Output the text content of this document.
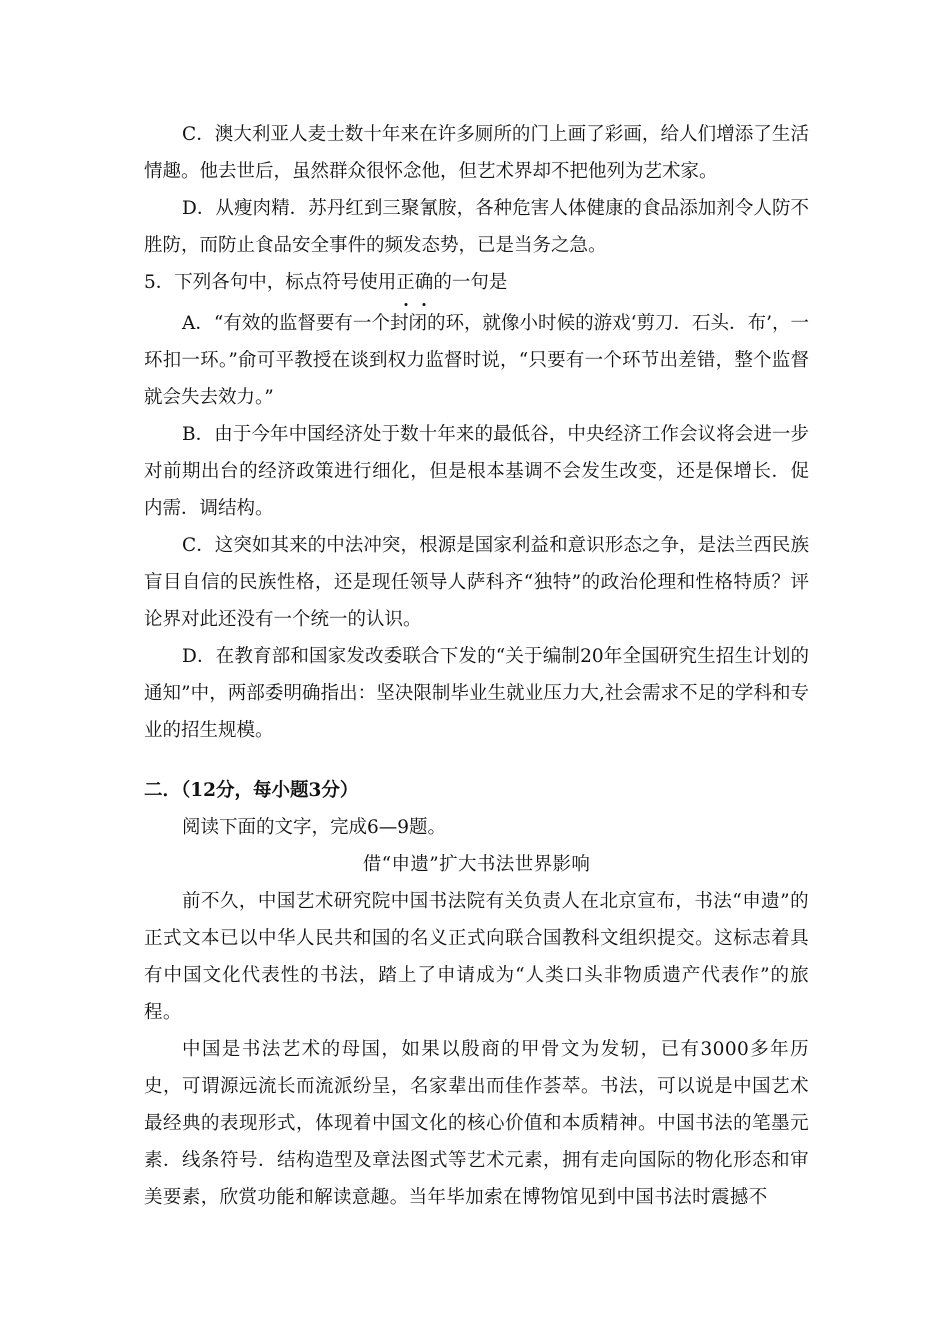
C．澳大利亚人麦士数十年来在许多厕所的门上画了彩画，给人们增添了生活情趣。他去世后，虽然群众很怀念他，但艺术界却不把他列为艺术家。

D．从瘦肉精．苏丹红到三聚氰胺，各种危害人体健康的食品添加剂令人防不胜防，而防止食品安全事件的频发态势，已是当务之急。

5．下列各句中，标点符号使用正确的一句是

A．“有效的监督要有一个封闭的环，就像小时候的游戏‘剪刀．石头．布’，一环扣一环。”俞可平教授在谈到权力监督时说，“只要有一个环节出差错，整个监督就会失去效力。”

B．由于今年中国经济处于数十年来的最低谷，中央经济工作会议将会进一步对前期出台的经济政策进行细化，但是根本基调不会发生改变，还是保增长．促内需．调结构。

C．这突如其来的中法冲突，根源是国家利益和意识形态之争，是法兰西民族盲目自信的民族性格，还是现任领导人萨科齐“独特”的政治伦理和性格特质？评论界对此还没有一个统一的认识。

D．在教育部和国家发改委联合下发的“关于编制20年全国研究生招生计划的通知”中，两部委明确指出：坚决限制毕业生就业压力大,社会需求不足的学科和专业的招生规模。

二．（12分，每小题3分）

阅读下面的文字，完成6—9题。

借“申遗”扩大书法世界影响

前不久，中国艺术研究院中国书法院有关负责人在北京宣布，书法“申遗”的正式文本已以中华人民共和国的名义正式向联合国教科文组织提交。这标志着具有中国文化代表性的书法，踏上了申请成为“人类口头非物质遗产代表作”的旅程。

中国是书法艺术的母国，如果以殷商的甲骨文为发轫，已有3000多年历史，可谓源远流长而流派纷呈，名家辈出而佳作荟萃。书法，可以说是中国艺术最经典的表现形式，体现着中国文化的核心价值和本质精神。中国书法的笔墨元素．线条符号．结构造型及章法图式等艺术元素，拥有走向国际的物化形态和审美要素，欣赏功能和解读意趣。当年毕加索在博物馆见到中国书法时震撼不
